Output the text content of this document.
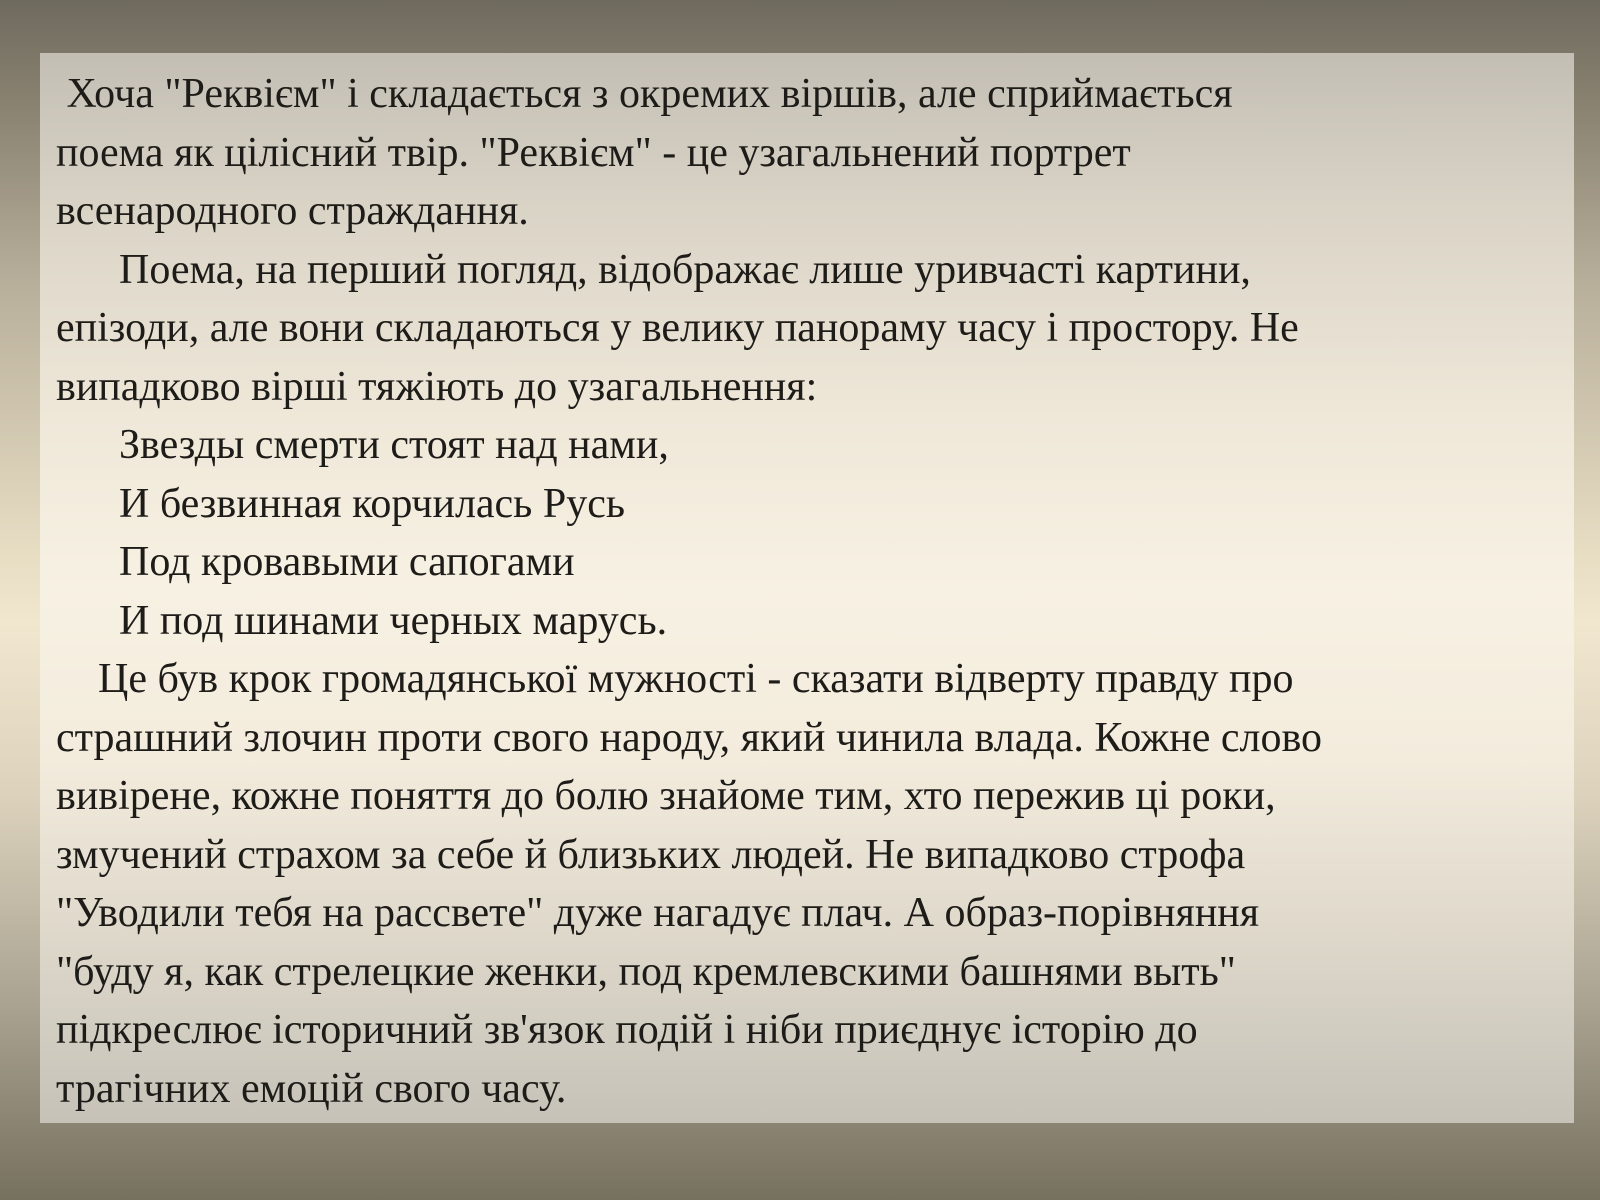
Хоча "Реквієм" і складається з окремих віршів, але сприймається
поема як цілісний твір. "Реквієм" - це узагальнений портрет
всенародного страждання.
Поема, на перший погляд, відображає лише уривчасті картини,
епізоди, але вони складаються у велику панораму часу і простору. Не
випадково вірші тяжіють до узагальнення:
Звезды смерти стоят над нами,
И безвинная корчилась Русь
Под кровавыми сапогами
И под шинами черных марусь.
Це був крок громадянської мужності - сказати відверту правду про
страшний злочин проти свого народу, який чинила влада. Кожне слово
вивірене, кожне поняття до болю знайоме тим, хто пережив ці роки,
змучений страхом за себе й близьких людей. Не випадково строфа
"Уводили тебя на рассвете" дуже нагадує плач. А образ-порівняння
"буду я, как стрелецкие женки, под кремлевскими башнями выть"
підкреслює історичний зв'язок подій і ніби приєднує історію до
трагічних емоцій свого часу.
